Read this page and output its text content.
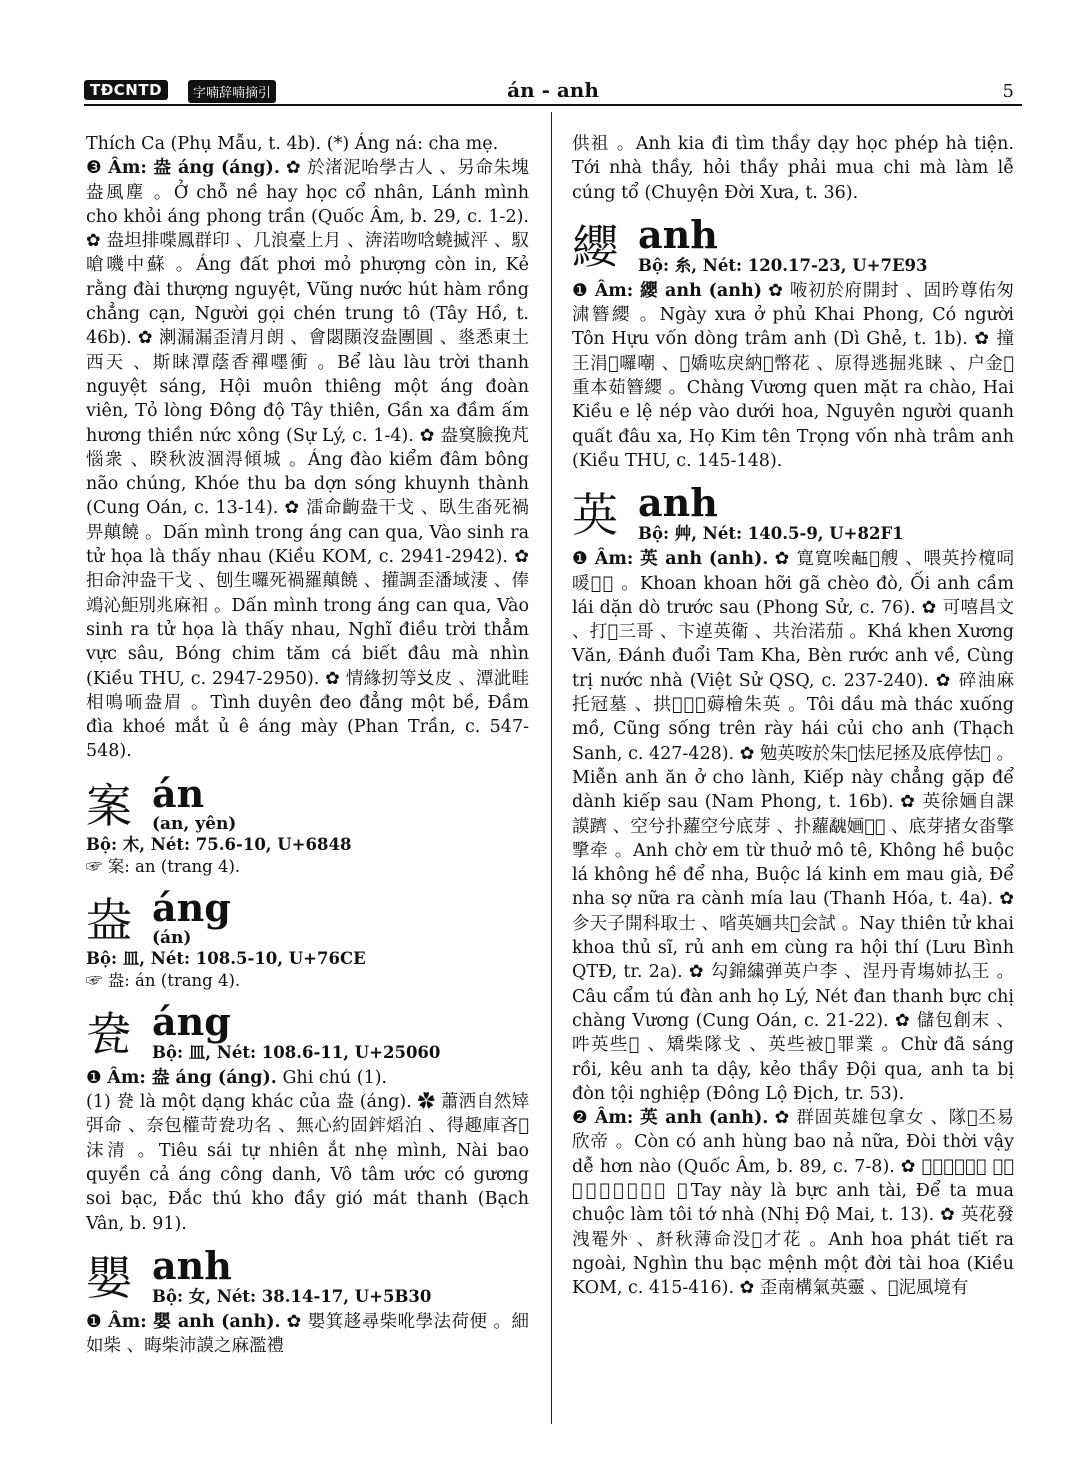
TĐCNTD	字喃辞喃摘引	án - anh	5

Thích Ca (Phụ Mẫu, t. 4b). (*) Áng ná: cha mẹ.

❸ Âm: 盎 áng (áng). ✿ 於渚泥咍學古人 、另命朱塊盎風塵 。Ở chỗ nề hay học cổ nhân, Lánh mình cho khỏi áng phong trần (Quốc Âm, b. 29, c. 1-2). ✿ 盎坦排喋鳳群印 、几浪臺上月 、渀渃吻唅蟯揻泙 、馭嗆嘰中蘇 。Áng đất phơi mỏ phượng còn in, Kẻ rằng đài thượng nguyệt, Vũng nước hút hàm rồng chẳng cạn, Người gọi chén trung tô (Tây Hồ, t. 46b). ✿ 溂漏漏歪清月朗 、會閟䫗沒盎團圓 、烾悉東土西天 、斯睐潭蔭香禪嚜衝 。Bể làu làu trời thanh nguyệt sáng, Hội muôn thiêng một áng đoàn viên, Tỏ lòng Đông độ Tây thiên, Gần xa đầm ấm hương thiền nức xông (Sự Lý, c. 1-4). ✿ 盎䆨臉挽芃惱衆 、睽秋波涸淂傾城 。Áng đào kiểm đâm bông não chúng, Khóe thu ba dợn sóng khuynh thành (Cung Oán, c. 13-14). ✿ 㵢命齣盎干戈 、臥生畓死禍畀㒹饒 。Dấn mình trong áng can qua, Vào sinh ra tử họa là thấy nhau (Kiều KOM, c. 2941-2942). ✿ 抇命沖盎干戈 、刨生囉死禍羅㒹饒 、㩲調歪潘域淒 、俸鴗沁鮔別兆麻衵 。Dấn mình trong áng can qua, Vào sinh ra tử họa là thấy nhau, Nghĩ điều trời thẳm vực sâu, Bóng chim tăm cá biết đâu mà nhìn (Kiều THU, c. 2947-2950). ✿ 情緣扨等𠬠皮 、潭泚畦相鳴㖇盎眉 。Tình duyên đeo đẳng một bề, Đầm đìa khoé mắt ủ ê áng mày (Phan Trần, c. 547-548).

案 án
(an, yên)
Bộ: 木, Nét: 75.6-10, U+6848
☞ 案: an (trang 4).
盎 áng
(án)
Bộ: 皿, Nét: 108.5-10, U+76CE
☞ 盎: án (trang 4).
㼜 áng
Bộ: 皿, Nét: 108.6-11, U+25060

❶ Âm: 盎 áng (áng). Ghi chú (1).

(1) 㼜 là một dạng khác của 盎 (áng). ✿ 蕭洒自然䂔弭命 、奈包權苛㼜功名 、無心約固𨦭熖泊 、得趣庫吝𨍦沫清 。Tiêu sái tự nhiên ắt nhẹ mình, Nài bao quyền cả áng công danh, Vô tâm ước có gương soi bạc, Đắc thú kho đầy gió mát thanh (Bạch Vân, b. 91).

嬰 anh
Bộ: 女, Nét: 38.14-17, U+5B30

❶ Âm: 嬰 anh (anh). ✿ 嬰箕趍尋柴吪學法荷便 。細如柴 、晦柴沛謨之麻濫禮

供祖 。Anh kia đi tìm thầy dạy học phép hà tiện. Tới nhà thầy, hỏi thầy phải mua chi mà làm lễ cúng tổ (Chuyện Đời Xưa, t. 36).

纓 anh
Bộ: 糸, Nét: 120.17-23, U+7E93

❶ Âm: 纓 anh (anh) ✿ 㖡初於府開封 、固昑尊佑匆㴋簪纓 。Ngày xưa ở phủ Khai Phong, Có người Tôn Hựu vốn dòng trâm anh (Dì Ghẻ, t. 1b). ✿ 撞王涓𩈘囉嘲 、𠄩嬌吰戾納𣈙幣花 、原得逃掘兆睐 、户金𤯩重本茹簪纓 。Chàng Vương quen mặt ra chào, Hai Kiều e lệ nép vào dưới hoa, Nguyên người quanh quất đâu xa, Họ Kim tên Trọng vốn nhà trâm anh (Kiều THU, c. 145-148).

英 anh
Bộ: 艸, Nét: 140.5-9, U+82F1

❶ Âm: 英 anh (anh). ✿ 寛寛唉𠄼𦨂艘 、喂英扲𣟂呞喛𦪊𧿫 。Khoan khoan hỡi gã chèo đò, Ối anh cầm lái dặn dò trước sau (Phong Sử, c. 76). ✿ 可嘻昌文 、打𨆝三哥 、卞逴英衛 、共治渃茄 。Khá khen Xương Văn, Đánh đuổi Tam Kha, Bèn rước anh về, Cùng trị nước nhà (Việt Sử QSQ, c. 237-240). ✿ 碎油麻托冠墓 、拱𤯩𨑗𠁀薅檜朱英 。Tôi dầu mà thác xuống mồ, Cũng sống trên rày hái củi cho anh (Thạch Sanh, c. 427-428). ✿ 勉英咹於朱𨋤怯尼拯及底停怯𪧻 。Miễn anh ăn ở cho lành, Kiếp này chẳng gặp để dành kiếp sau (Nam Phong, t. 16b). ✿ 英徐婳自課謨躋 、空兮扑蘿空兮底芽 、扑蘿𩴢婳𨋤𩯀 、底芽㨋女畓擎㨼牵 。Anh chờ em từ thuở mô tê, Không hề buộc lá không hề để nha, Buộc lá kinh em mau già, Để nha sợ nữa ra cành mía lau (Thanh Hóa, t. 4a). ✿ 㐱天子開科取士 、㗂英婳共𨆝会試 。Nay thiên tử khai khoa thủ sĩ, rủ anh em cùng ra hội thí (Lưu Bình QTĐ, tr. 2a). ✿ 勾錦繍弹英户李 、涅丹青塲姉払王 。Câu cẩm tú đàn anh họ Lý, Nét đan thanh bực chị chàng Vương (Cung Oán, c. 21-22). ✿ 儲包創末 、吽英些𠻀 、矯柴隊戈 、英些被𤀐罪業 。Chừ đã sáng rồi, kêu anh ta dậy, kẻo thầy Đội qua, anh ta bị đòn tội nghiệp (Đông Lộ Địch, tr. 53).

❷ Âm: 英 anh (anh). ✿ 群固英雄包拿女 、隊𨕭丕易欣帝 。Còn có anh hùng bao nả nữa, Đòi thời vậy dễ hơn nào (Quốc Âm, b. 89, c. 7-8). ✿ 𢬣尼畀塲英才 、底些謨贖夕碎㑲茄 。Tay này là bực anh tài, Để ta mua chuộc làm tôi tớ nhà (Nhị Độ Mai, t. 13). ✿ 英花發洩罨外 、𠦳秋薄命没𠁀才花 。Anh hoa phát tiết ra ngoài, Nghìn thu bạc mệnh một đời tài hoa (Kiều KOM, c. 415-416). ✿ 歪南構氣英靈 、𪜀泥風境有
